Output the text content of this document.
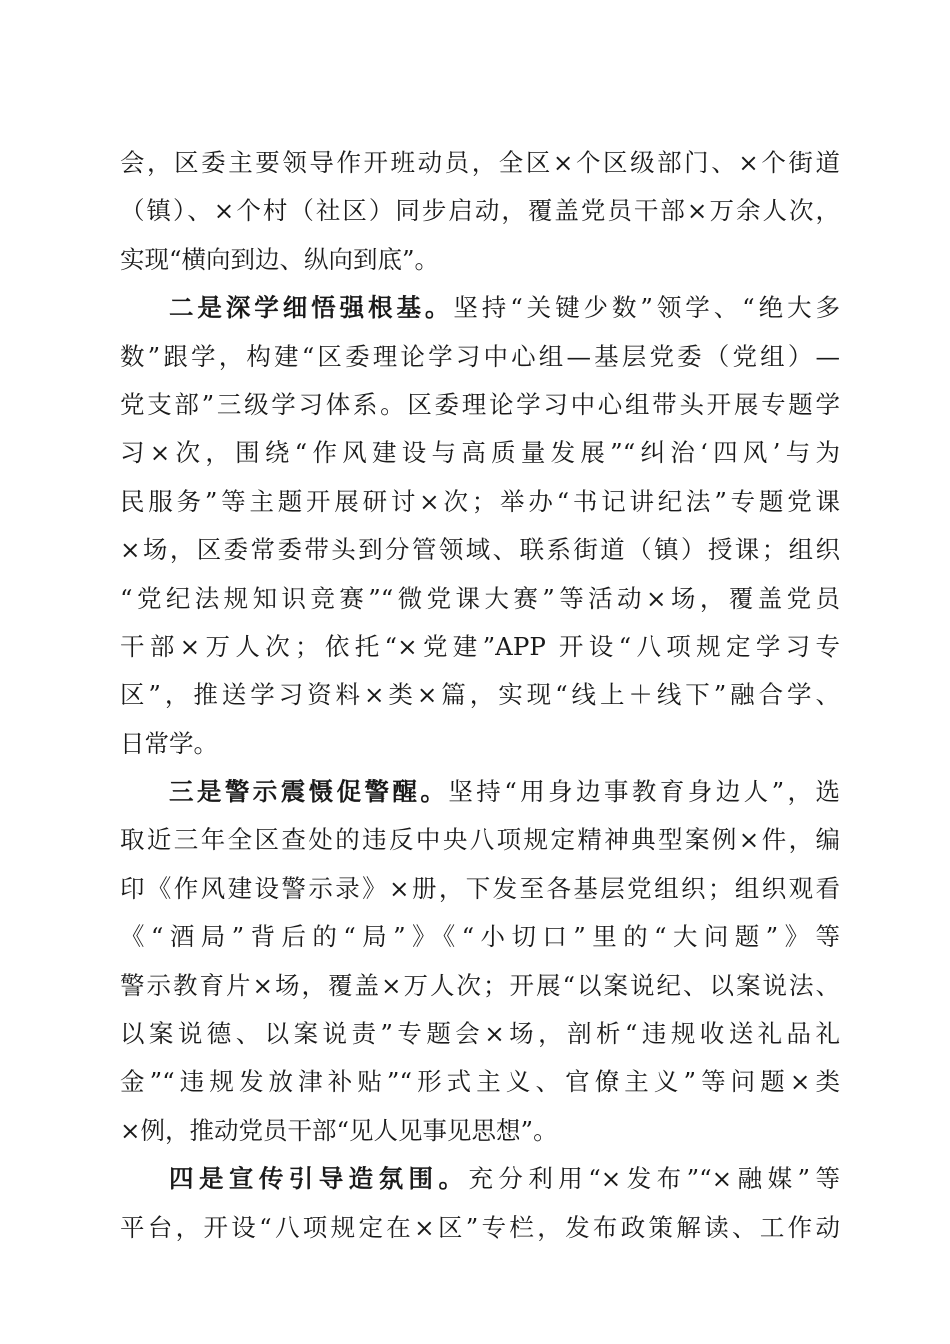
会，区委主要领导作开班动员，全区×个区级部门、×个街道
（镇）、×个村（社区）同步启动，覆盖党员干部×万余人次，
实现“横向到边、纵向到底”。
二是深学细悟强根基。坚持“关键少数”领学、“绝大多
数”跟学，构建“区委理论学习中心组—基层党委（党组）—
党支部”三级学习体系。区委理论学习中心组带头开展专题学
习×次，围绕“作风建设与高质量发展”“纠治‘四风’与为
民服务”等主题开展研讨×次；举办“书记讲纪法”专题党课
×场，区委常委带头到分管领域、联系街道（镇）授课；组织
“党纪法规知识竞赛”“微党课大赛”等活动×场，覆盖党员
干部×万人次；依托“×党建”APP 开设“八项规定学习专
区”，推送学习资料×类×篇，实现“线上＋线下”融合学、
日常学。
三是警示震慑促警醒。坚持“用身边事教育身边人”，选
取近三年全区查处的违反中央八项规定精神典型案例×件，编
印《作风建设警示录》×册，下发至各基层党组织；组织观看
《“酒局”背后的“局”》《“小切口”里的“大问题”》等
警示教育片×场，覆盖×万人次；开展“以案说纪、以案说法、
以案说德、以案说责”专题会×场，剖析“违规收送礼品礼
金”“违规发放津补贴”“形式主义、官僚主义”等问题×类
×例，推动党员干部“见人见事见思想”。
四是宣传引导造氛围。充分利用“×发布”“×融媒”等
平台，开设“八项规定在×区”专栏，发布政策解读、工作动
